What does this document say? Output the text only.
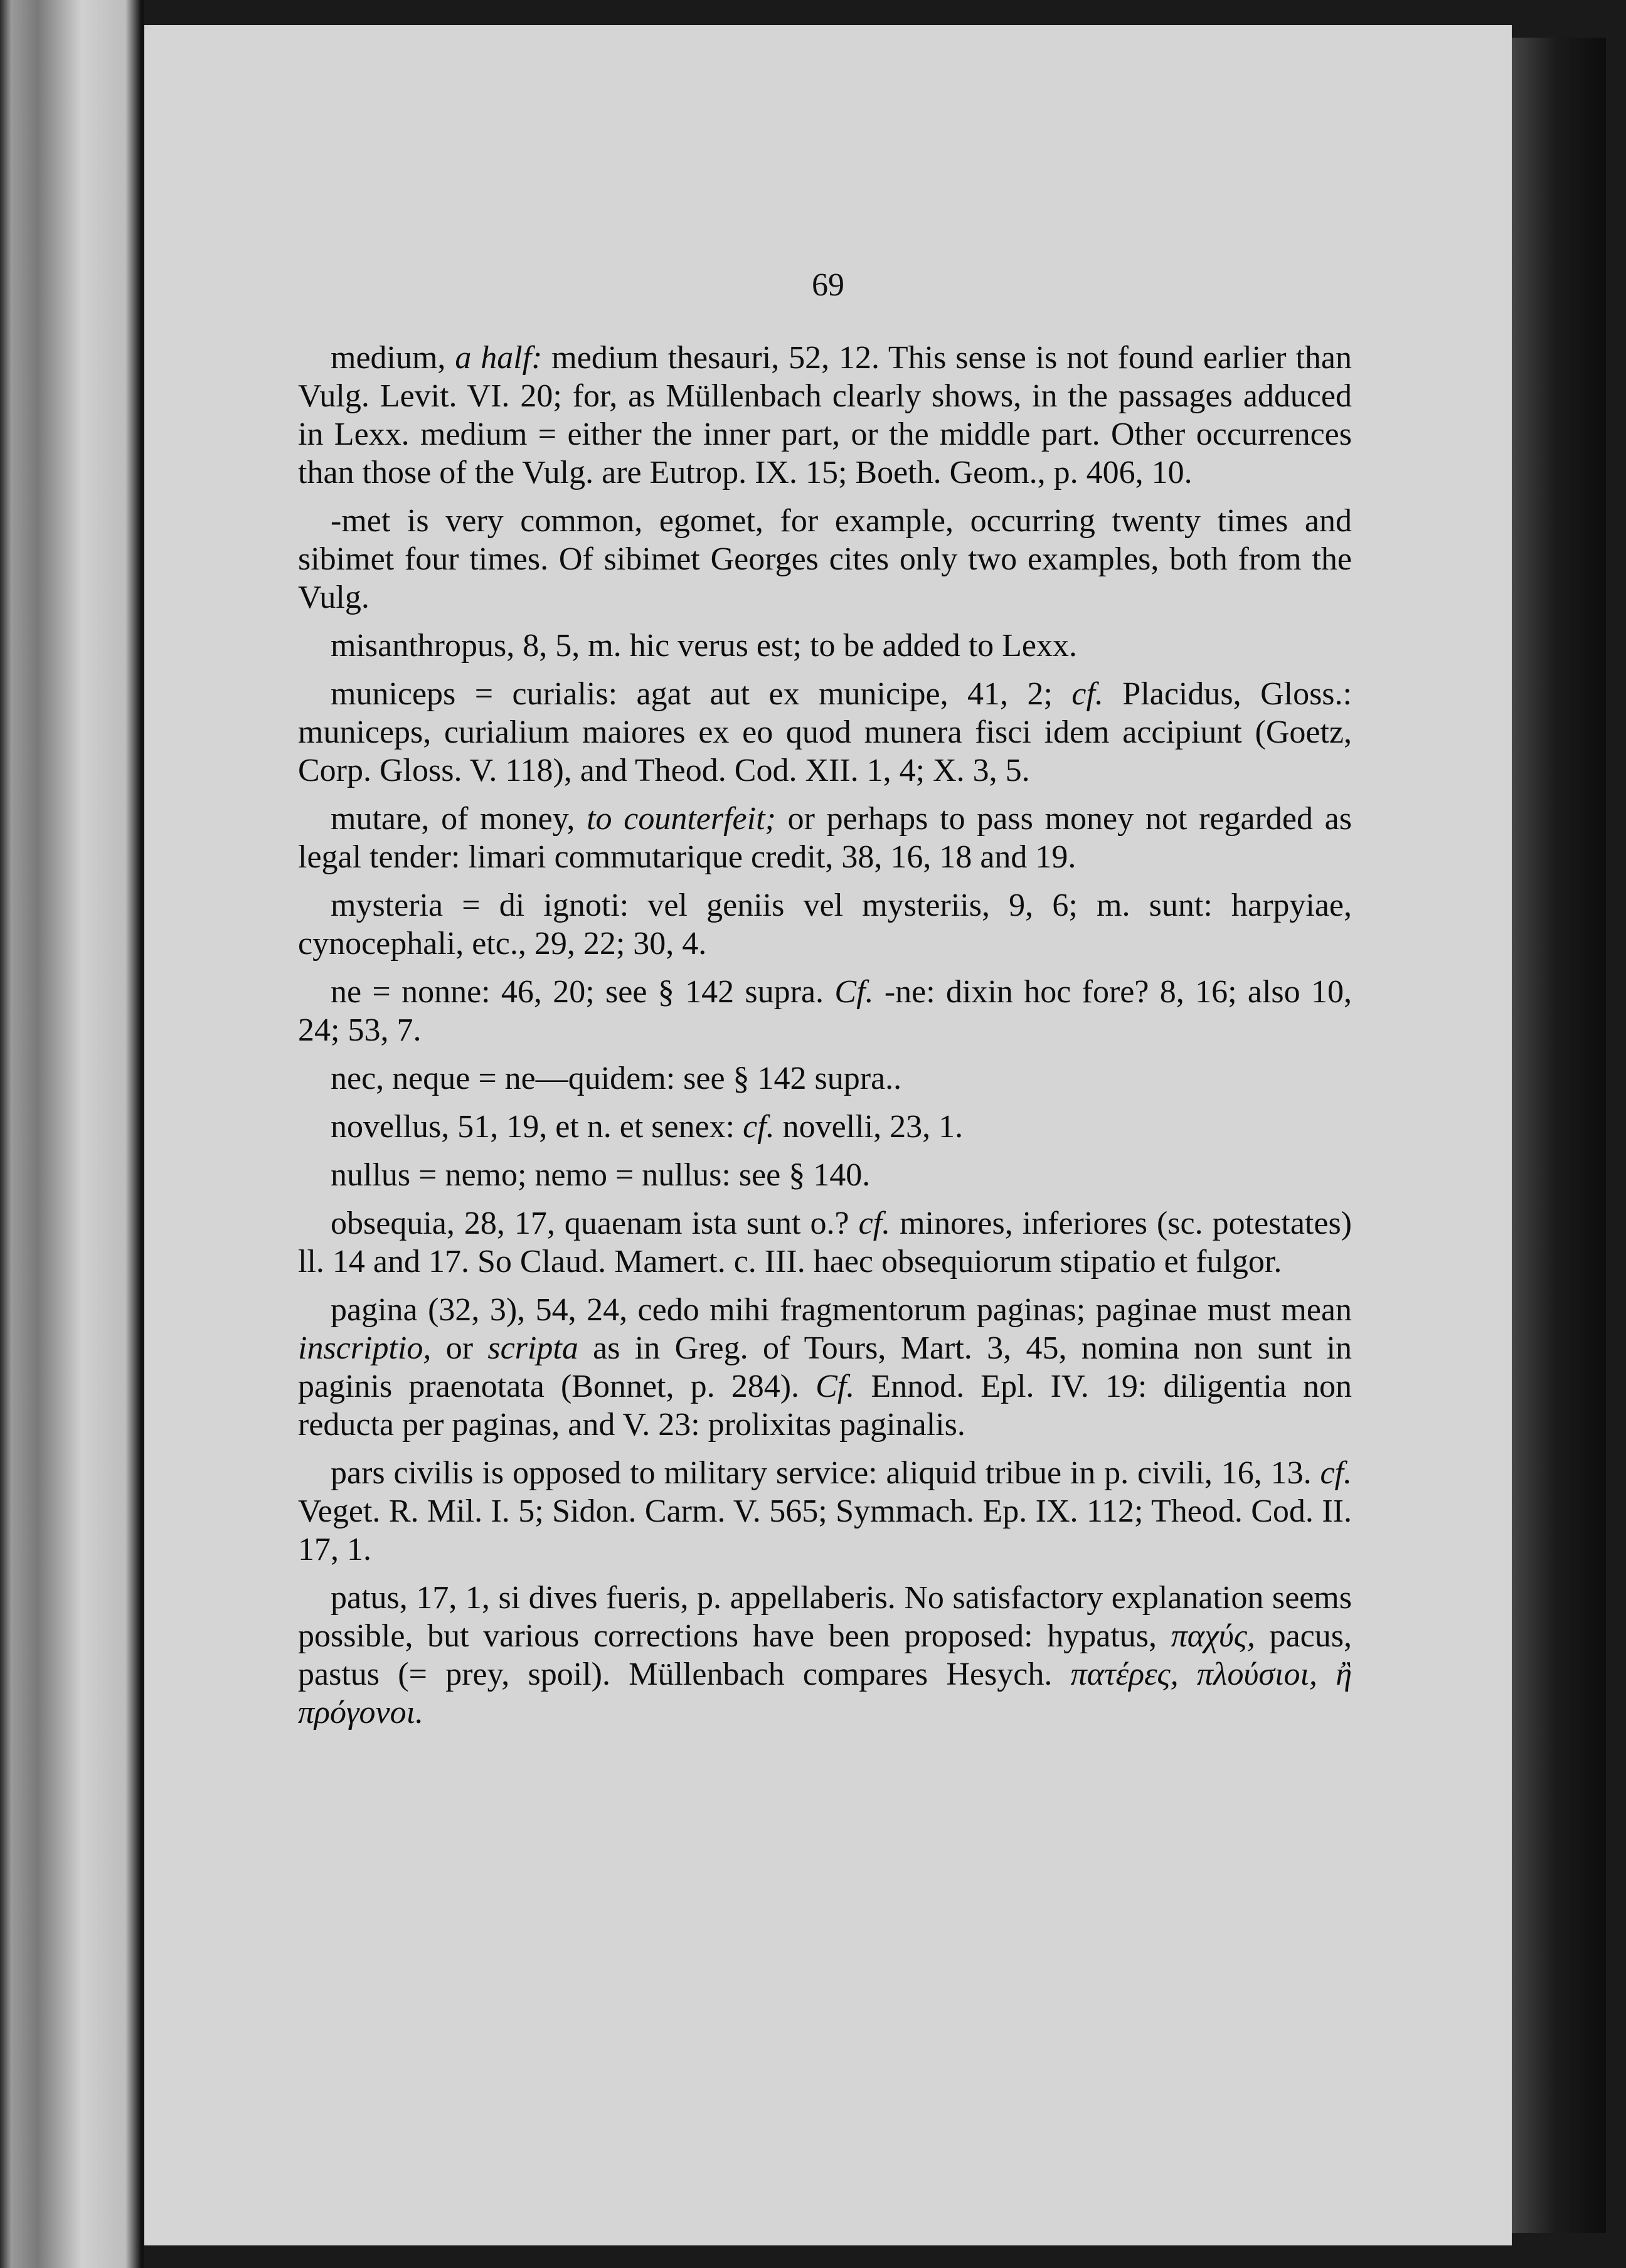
69

medium, a half: medium thesauri, 52, 12. This sense is not found earlier than Vulg. Levit. VI. 20; for, as Müllenbach clearly shows, in the passages adduced in Lexx. medium = either the inner part, or the middle part. Other occurrences than those of the Vulg. are Eutrop. IX. 15; Boeth. Geom., p. 406, 10.

-met is very common, egomet, for example, occurring twenty times and sibimet four times. Of sibimet Georges cites only two examples, both from the Vulg.

misanthropus, 8, 5, m. hic verus est; to be added to Lexx.

municeps = curialis: agat aut ex municipe, 41, 2; cf. Placidus, Gloss.: municeps, curialium maiores ex eo quod munera fisci idem accipiunt (Goetz, Corp. Gloss. V. 118), and Theod. Cod. XII. 1, 4; X. 3, 5.

mutare, of money, to counterfeit; or perhaps to pass money not regarded as legal tender: limari commutarique credit, 38, 16, 18 and 19.

mysteria = di ignoti: vel geniis vel mysteriis, 9, 6; m. sunt: harpyiae, cynocephali, etc., 29, 22; 30, 4.

ne = nonne: 46, 20; see § 142 supra. Cf. -ne: dixin hoc fore? 8, 16; also 10, 24; 53, 7.

nec, neque = ne—quidem: see § 142 supra..

novellus, 51, 19, et n. et senex: cf. novelli, 23, 1.

nullus = nemo; nemo = nullus: see § 140.

obsequia, 28, 17, quaenam ista sunt o.? cf. minores, inferiores (sc. potestates) ll. 14 and 17. So Claud. Mamert. c. III. haec obsequiorum stipatio et fulgor.

pagina (32, 3), 54, 24, cedo mihi fragmentorum paginas; paginae must mean inscriptio, or scripta as in Greg. of Tours, Mart. 3, 45, nomina non sunt in paginis praenotata (Bonnet, p. 284). Cf. Ennod. Epl. IV. 19: diligentia non reducta per paginas, and V. 23: prolixitas paginalis.

pars civilis is opposed to military service: aliquid tribue in p. civili, 16, 13. cf. Veget. R. Mil. I. 5; Sidon. Carm. V. 565; Symmach. Ep. IX. 112; Theod. Cod. II. 17, 1.

patus, 17, 1, si dives fueris, p. appellaberis. No satisfactory explanation seems possible, but various corrections have been proposed: hypatus, παχύς, pacus, pastus (= prey, spoil). Müllenbach compares Hesych. πατέρες, πλούσιοι, ἢ πρόγονοι.
